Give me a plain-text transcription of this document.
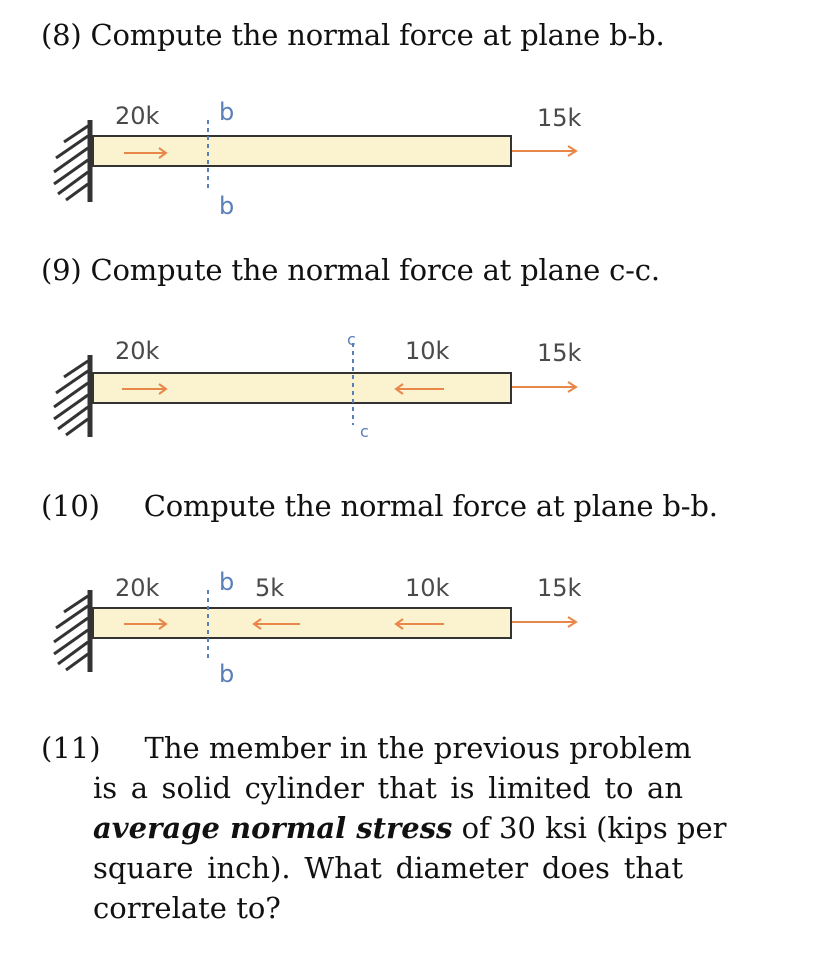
(8) Compute the normal force at plane b-b.
b
b
20k	15k
(9) Compute the normal force at plane c-c.
c
c
20k	10k	15k
(10) Compute the normal force at plane b-b.
b
b
20k	5k	10k	15k
(11) The member in the previous problem
is a solid cylinder that is limited to an
average normal stress of 30 ksi (kips per
square inch). What diameter does that
correlate to?
